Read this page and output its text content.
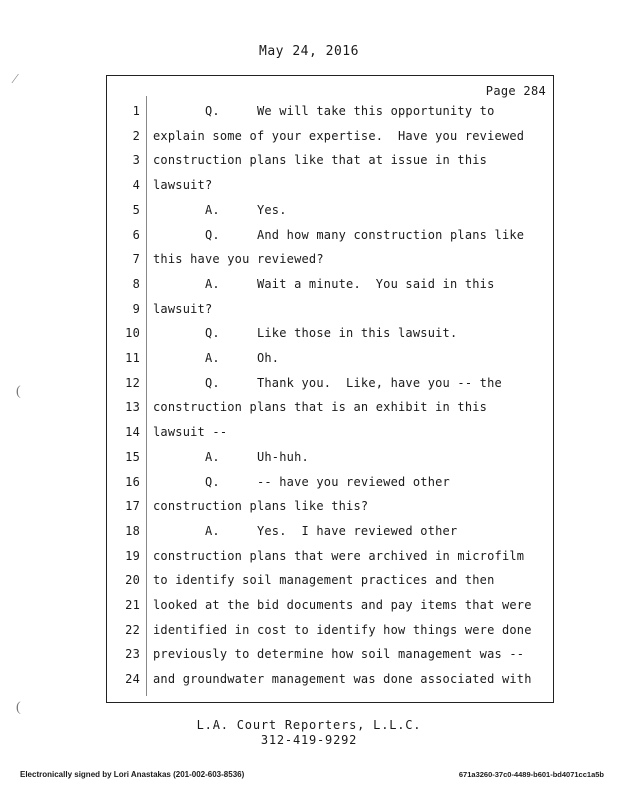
May 24, 2016
Page 284
1 Q.     We will take this opportunity to
2 explain some of your expertise.  Have you reviewed
3 construction plans like that at issue in this
4 lawsuit?
5 A.     Yes.
6 Q.     And how many construction plans like
7 this have you reviewed?
8 A.     Wait a minute.  You said in this
9 lawsuit?
10 Q.     Like those in this lawsuit.
11 A.     Oh.
12 Q.     Thank you.  Like, have you -- the
13 construction plans that is an exhibit in this
14 lawsuit --
15 A.     Uh-huh.
16 Q.     -- have you reviewed other
17 construction plans like this?
18 A.     Yes.  I have reviewed other
19 construction plans that were archived in microfilm
20 to identify soil management practices and then
21 looked at the bid documents and pay items that were
22 identified in cost to identify how things were done
23 previously to determine how soil management was --
24 and groundwater management was done associated with
L.A. Court Reporters, L.L.C.
312-419-9292
Electronically signed by Lori Anastakas (201-002-603-8536)	671a3260-37c0-4489-b601-bd4071cc1a5b
⁄
(
(
